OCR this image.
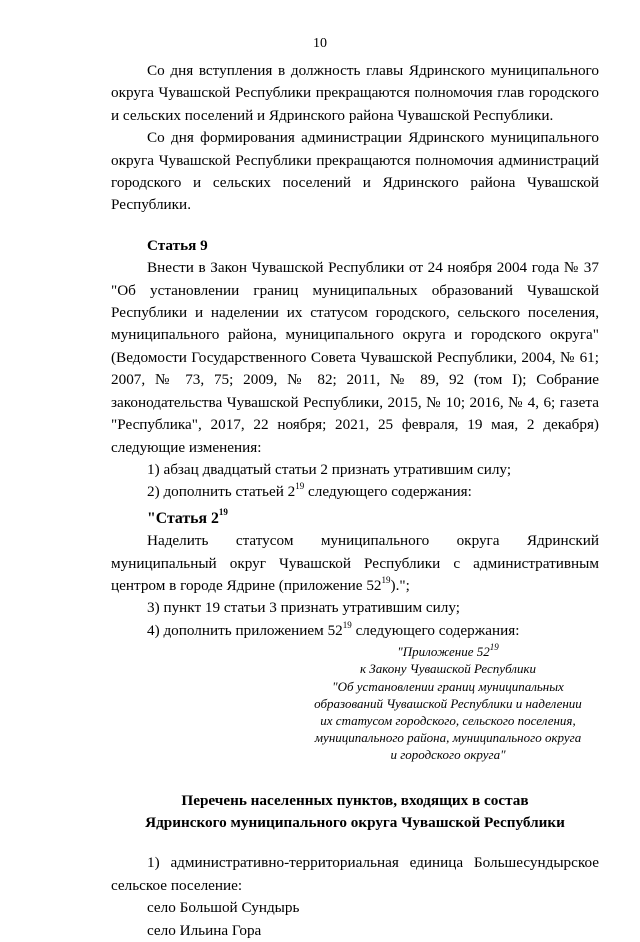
10

Со дня вступления в должность главы Ядринского муниципального округа Чувашской Республики прекращаются полномочия глав городского и сельских поселений и Ядринского района Чувашской Республики.

Со дня формирования администрации Ядринского муниципального округа Чувашской Республики прекращаются полномочия администраций городского и сельских поселений и Ядринского района Чувашской Республики.

Статья 9

Внести в Закон Чувашской Республики от 24 ноября 2004 года № 37 "Об установлении границ муниципальных образований Чувашской Республики и наделении их статусом городского, сельского поселения, муниципального района, муниципального округа и городского округа" (Ведомости Государственного Совета Чувашской Республики, 2004, № 61; 2007, № 73, 75; 2009, № 82; 2011, № 89, 92 (том I); Собрание законодательства Чувашской Республики, 2015, № 10; 2016, № 4, 6; газета "Республика", 2017, 22 ноября; 2021, 25 февраля, 19 мая, 2 декабря) следующие изменения:

1) абзац двадцатый статьи 2 признать утратившим силу;

2) дополнить статьей $2^{19}$ следующего содержания:

"Статья $2^{19}$

Наделить статусом муниципального округа Ядринский муниципальный округ Чувашской Республики с административным центром в городе Ядрине (приложение $52^{19}$).";

3) пункт 19 статьи 3 признать утратившим силу;

4) дополнить приложением $52^{19}$ следующего содержания:

"Приложение $52^{19}$
к Закону Чувашской Республики
"Об установлении границ муниципальных
образований Чувашской Республики и наделении
их статусом городского, сельского поселения,
муниципального района, муниципального округа
и городского округа"
Перечень населенных пунктов, входящих в состав
Ядринского муниципального округа Чувашской Республики

1) административно-территориальная единица Большесундырское

сельское поселение:

село Большой Сундырь

село Ильина Гора
